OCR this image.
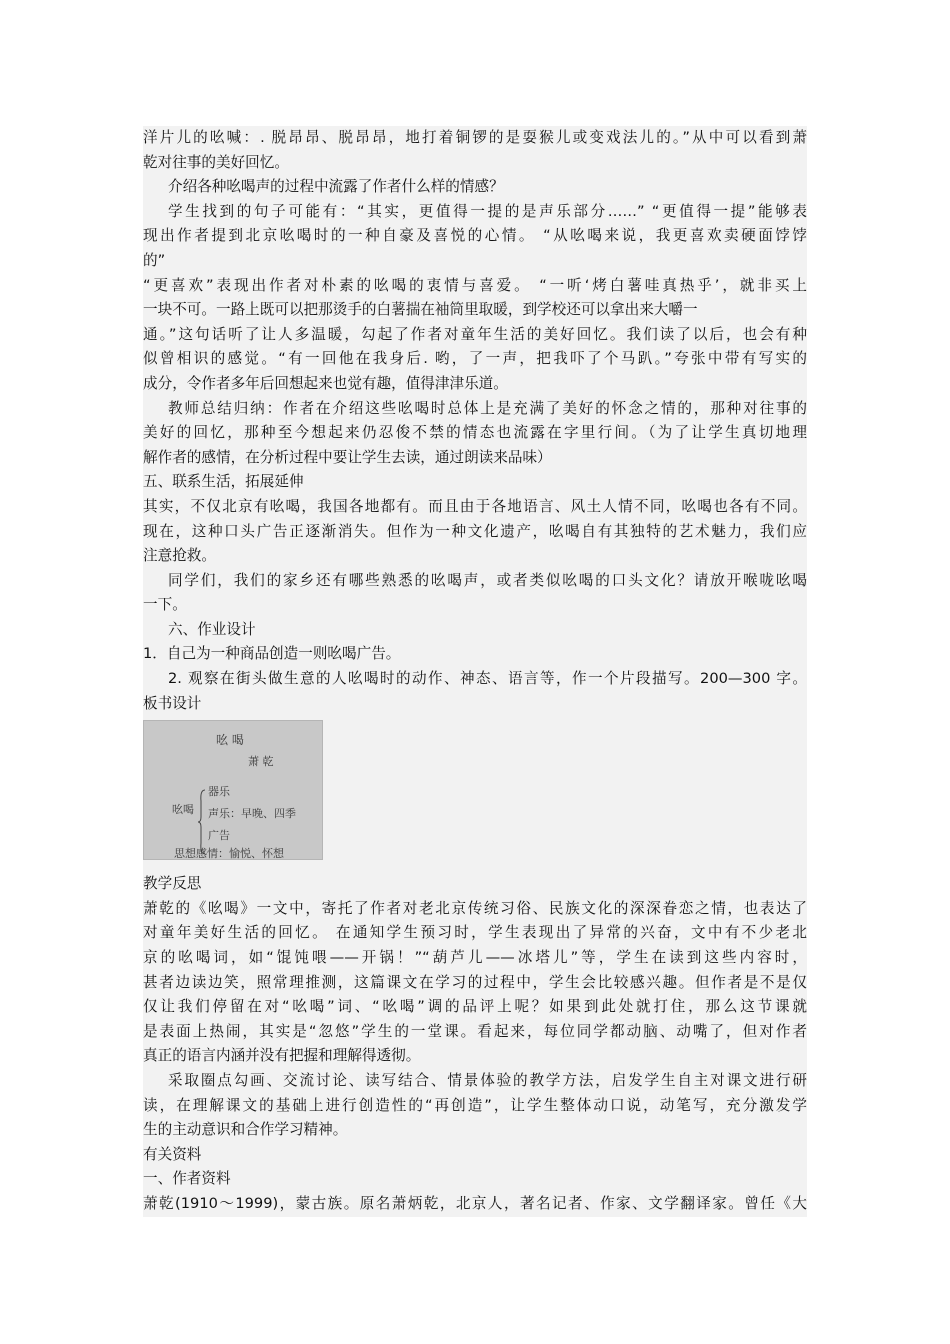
洋片儿的吆喊：. 脱昂昂、脱昂昂，地打着铜锣的是耍猴儿或变戏法儿的。”从中可以看到萧
乾对往事的美好回忆。
介绍各种吆喝声的过程中流露了作者什么样的情感？
学生找到的句子可能有：“其实，更值得一提的是声乐部分……” “更值得一提”能够表
现出作者提到北京吆喝时的一种自豪及喜悦的心情。 “从吆喝来说，我更喜欢卖硬面饽饽
的”
“更喜欢”表现出作者对朴素的吆喝的衷情与喜爱。 “一听‘烤白薯哇真热乎’，就非买上
一块不可。一路上既可以把那烫手的白薯揣在袖筒里取暖，到学校还可以拿出来大嚼一
通。”这句话听了让人多温暖，勾起了作者对童年生活的美好回忆。我们读了以后，也会有种
似曾相识的感觉。“有一回他在我身后. 哟，了一声，把我吓了个马趴。”夸张中带有写实的
成分，令作者多年后回想起来也觉有趣，值得津津乐道。
教师总结归纳：作者在介绍这些吆喝时总体上是充满了美好的怀念之情的，那种对往事的
美好的回忆，那种至今想起来仍忍俊不禁的情态也流露在字里行间。（为了让学生真切地理
解作者的感情，在分析过程中要让学生去读，通过朗读来品味）
五、联系生活，拓展延伸
其实，不仅北京有吆喝，我国各地都有。而且由于各地语言、风土人情不同，吆喝也各有不同。
现在，这种口头广告正逐渐消失。但作为一种文化遗产，吆喝自有其独特的艺术魅力，我们应
注意抢救。
同学们，我们的家乡还有哪些熟悉的吆喝声，或者类似吆喝的口头文化？请放开喉咙吆喝
一下。
六、作业设计
1．自己为一种商品创造一则吆喝广告。
2. 观察在街头做生意的人吆喝时的动作、神态、语言等，作一个片段描写。200—300 字。
板书设计
吆 喝
萧 乾
吆喝
器乐
声乐：早晚、四季
广告
思想感情：愉悦、怀想
教学反思
萧乾的《吆喝》一文中，寄托了作者对老北京传统习俗、民族文化的深深眷恋之情，也表达了
对童年美好生活的回忆。 在通知学生预习时，学生表现出了异常的兴奋，文中有不少老北
京的吆喝词，如“馄饨喂——开锅！”“葫芦儿——冰塔儿”等，学生在读到这些内容时，
甚者边读边笑，照常理推测，这篇课文在学习的过程中，学生会比较感兴趣。但作者是不是仅
仅让我们停留在对“吆喝”词、“吆喝”调的品评上呢？如果到此处就打住，那么这节课就
是表面上热闹，其实是“忽悠”学生的一堂课。看起来，每位同学都动脑、动嘴了，但对作者
真正的语言内涵并没有把握和理解得透彻。
采取圈点勾画、交流讨论、读写结合、情景体验的教学方法，启发学生自主对课文进行研
读，在理解课文的基础上进行创造性的“再创造”，让学生整体动口说，动笔写，充分激发学
生的主动意识和合作学习精神。
有关资料
一、作者资料
萧乾(1910～1999)，蒙古族。原名萧炳乾，北京人，著名记者、作家、文学翻译家。曾任《大
